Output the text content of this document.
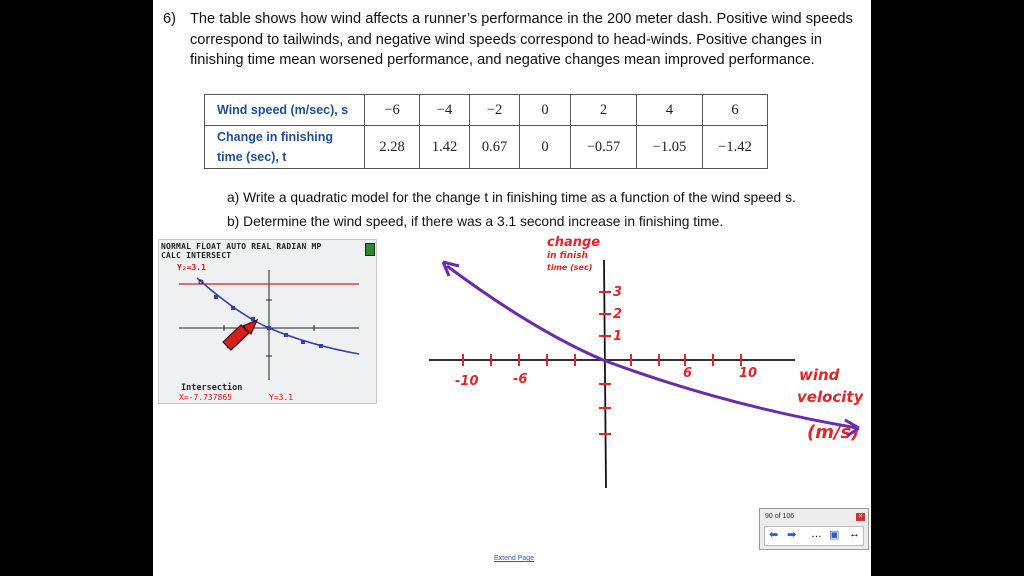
6) The table shows how wind affects a runner’s performance in the 200 meter dash. Positive wind speeds correspond to tailwinds, and negative wind speeds correspond to head-winds. Positive changes in finishing time mean worsened performance, and negative changes mean improved performance.
Wind speed (m/sec), s	−6	−4	−2	0	2	4	6
Change in finishing
time (sec), t	2.28	1.42	0.67	0	−0.57	−1.05	−1.42
a) Write a quadratic model for the change t in finishing time as a function of the wind speed s.
b) Determine the wind speed, if there was a 3.1 second increase in finishing time.
NORMAL FLOAT AUTO REAL RADIAN MP
CALC INTERSECT
Y₂=3.1
Intersection
X=-7.737865	Y=3.1
-10	-6	6	10
3
2
1
change
in finish
time (sec)
wind
velocity
(m/s)
90 of 106	×
⬅ ➡ … ▣ ↔
Extend Page
